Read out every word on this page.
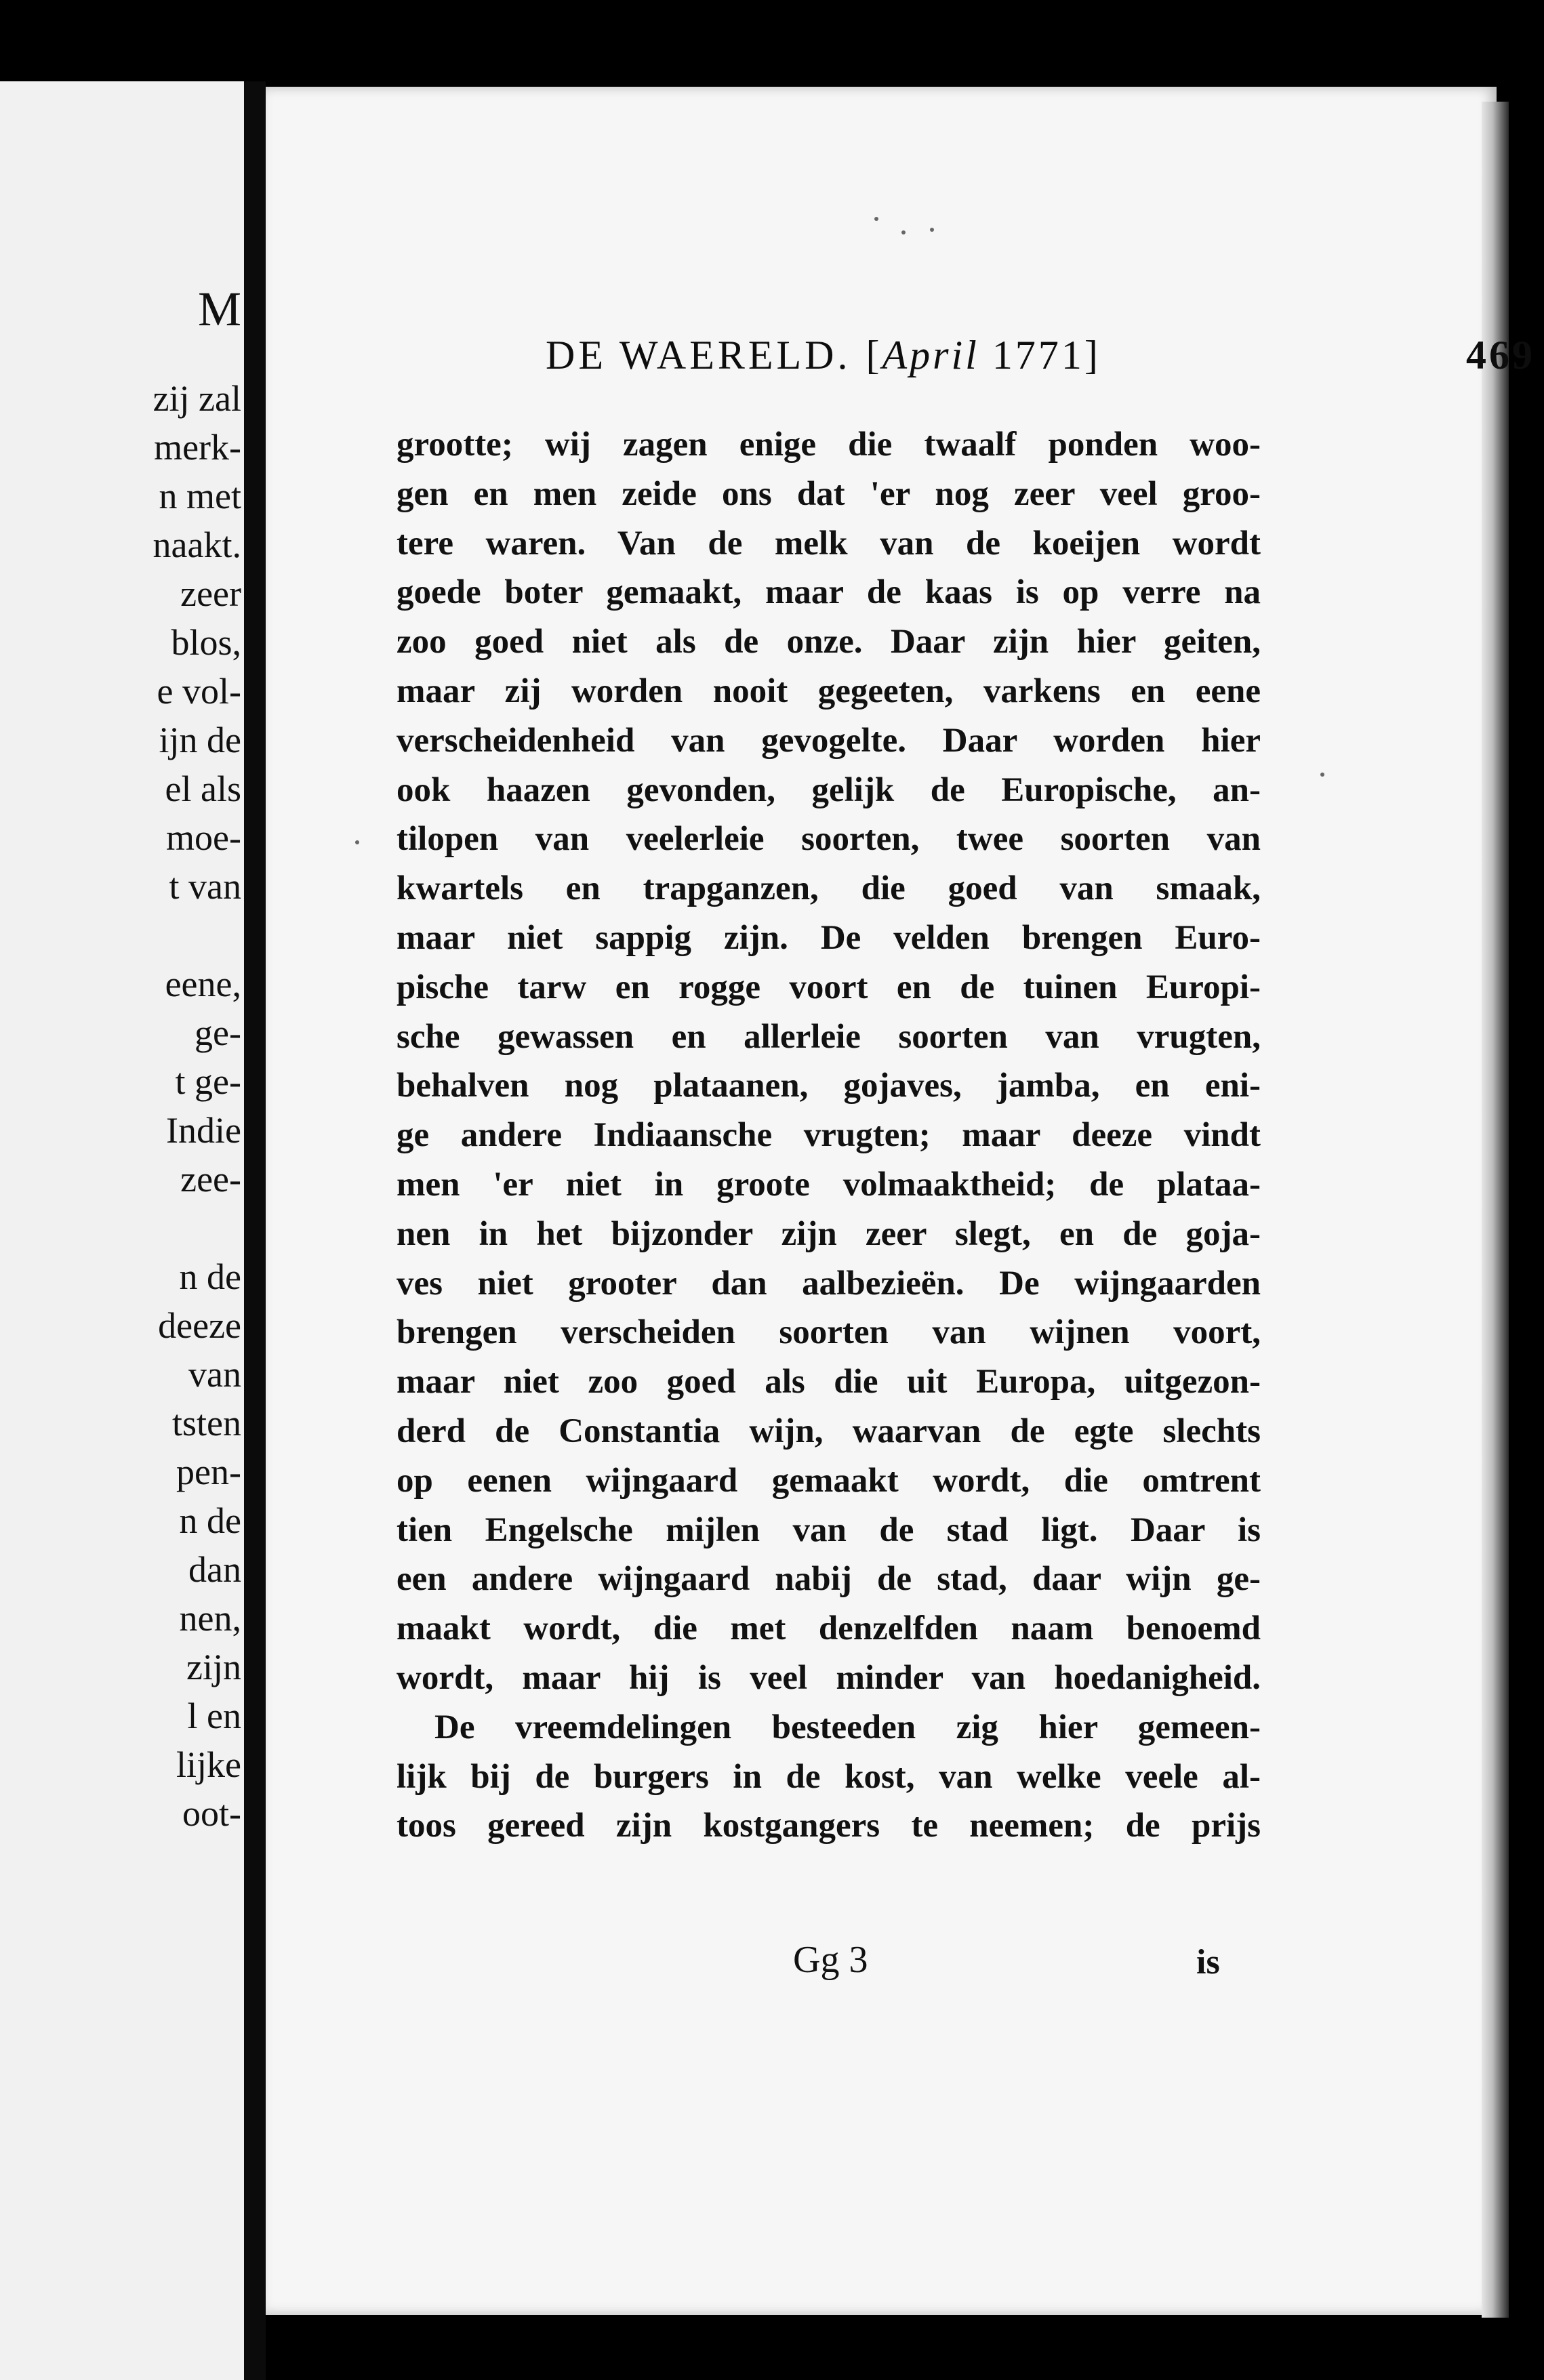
M
zij zal
merk-
n met
naakt.
zeer
blos,
e vol-
ijn de
el als
moe-
t van
eene,
ge-
t ge-
Indie
zee-
n de
deeze
van
tsten
pen-
n de
dan
nen,
zijn
l en
lijke
oot-
DE WAERELD. [April 1771]	469
grootte; wij zagen enige die twaalf ponden woo-
gen en men zeide ons dat 'er nog zeer veel groo-
tere waren. Van de melk van de koeijen wordt
goede boter gemaakt, maar de kaas is op verre na
zoo goed niet als de onze. Daar zijn hier geiten,
maar zij worden nooit gegeeten, varkens en eene
verscheidenheid van gevogelte. Daar worden hier
ook haazen gevonden, gelijk de Europische, an-
tilopen van veelerleie soorten, twee soorten van
kwartels en trapganzen, die goed van smaak,
maar niet sappig zijn. De velden brengen Euro-
pische tarw en rogge voort en de tuinen Europi-
sche gewassen en allerleie soorten van vrugten,
behalven nog plataanen, gojaves, jamba, en eni-
ge andere Indiaansche vrugten; maar deeze vindt
men 'er niet in groote volmaaktheid; de plataa-
nen in het bijzonder zijn zeer slegt, en de goja-
ves niet grooter dan aalbezieën. De wijngaarden
brengen verscheiden soorten van wijnen voort,
maar niet zoo goed als die uit Europa, uitgezon-
derd de Constantia wijn, waarvan de egte slechts
op eenen wijngaard gemaakt wordt, die omtrent
tien Engelsche mijlen van de stad ligt. Daar is
een andere wijngaard nabij de stad, daar wijn ge-
maakt wordt, die met denzelfden naam benoemd
wordt, maar hij is veel minder van hoedanigheid.
De vreemdelingen besteeden zig hier gemeen-
lijk bij de burgers in de kost, van welke veele al-
toos gereed zijn kostgangers te neemen; de prijs
Gg 3	is
